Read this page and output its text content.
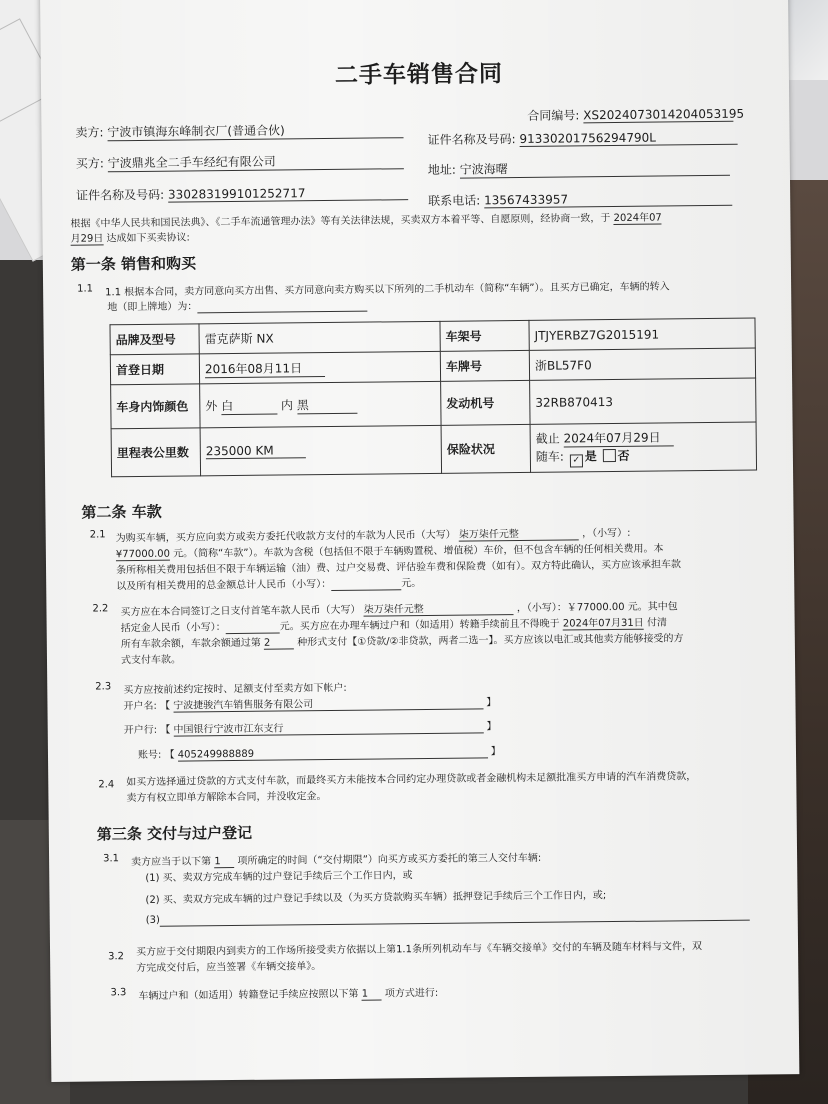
二手车销售合同
合同编号: XS2024073014204053195
卖方: 宁波市镇海东峰制衣厂(普通合伙)
证件名称及号码: 91330201756294790L
买方: 宁波鼎兆全二手车经纪有限公司	地址: 宁波海曙
证件名称及号码: 330283199101252717	联系电话: 13567433957
根据《中华人民共和国民法典》、《二手车流通管理办法》等有关法律法规，买卖双方本着平等、自愿原则，经协商一致，于 2024年07
月29日 达成如下买卖协议:
第一条 销售和购买
1.1 1.1 根据本合同，卖方同意向买方出售、买方同意向卖方购买以下所列的二手机动车（简称“车辆”）。且买方已确定，车辆的转入
地（即上牌地）为：
品牌及型号	雷克萨斯 NX	车架号	JTJYERBZ7G2015191
首登日期	2016年08月11日	车牌号	浙BL57F0
车身内饰颜色	外 白 内 黑	发动机号	32RB870413
里程表公里数	235000 KM	保险状况	截止 2024年07月29日
随车: ✓ 是 否
第二条 车款
2.1 为购买车辆，买方应向卖方或卖方委托代收款方支付的车款为人民币（大写） 柒万柒仟元整	，（小写）:
¥77000.00 元。（简称“车款”）。车款为含税（包括但不限于车辆购置税、增值税）车价，但不包含车辆的任何相关费用。本
条所称相关费用包括但不限于车辆运输（油）费、过户交易费、评估验车费和保险费（如有）。双方特此确认，买方应该承担车款
以及所有相关费用的总金额总计人民币（小写）：	元。
2.2 买方应在本合同签订之日支付首笔车款人民币（大写） 柒万柒仟元整	，（小写）：￥77000.00 元。其中包
括定金人民币（小写）：	元。买方应在办理车辆过户和（如适用）转籍手续前且不得晚于 2024年07月31日 付清
所有车款余额，车款余额通过第 2	种形式支付【①贷款/②非贷款，两者二选一】。买方应该以电汇或其他卖方能够接受的方
式支付车款。
2.3 买方应按前述约定按时、足额支付至卖方如下帐户:
开户名: 【 宁波捷骏汽车销售服务有限公司	】
开户行: 【 中国银行宁波市江东支行	】
账号: 【 405249988889	】
2.4 如买方选择通过贷款的方式支付车款，而最终买方未能按本合同约定办理贷款或者金融机构未足额批准买方申请的汽车消费贷款，
卖方有权立即单方解除本合同，并没收定金。
第三条 交付与过户登记
3.1 卖方应当于以下第 1 项所确定的时间（“交付期限”）向买方或买方委托的第三人交付车辆:
(1) 买、卖双方完成车辆的过户登记手续后三个工作日内，或
(2) 买、卖双方完成车辆的过户登记手续以及（为买方贷款购买车辆）抵押登记手续后三个工作日内，或;
(3)
3.2 买方应于交付期限内到卖方的工作场所接受卖方依据以上第1.1条所列机动车与《车辆交接单》交付的车辆及随车材料与文件，双
方完成交付后，应当签署《车辆交接单》。
3.3 车辆过户和（如适用）转籍登记手续应按照以下第 1 项方式进行:
